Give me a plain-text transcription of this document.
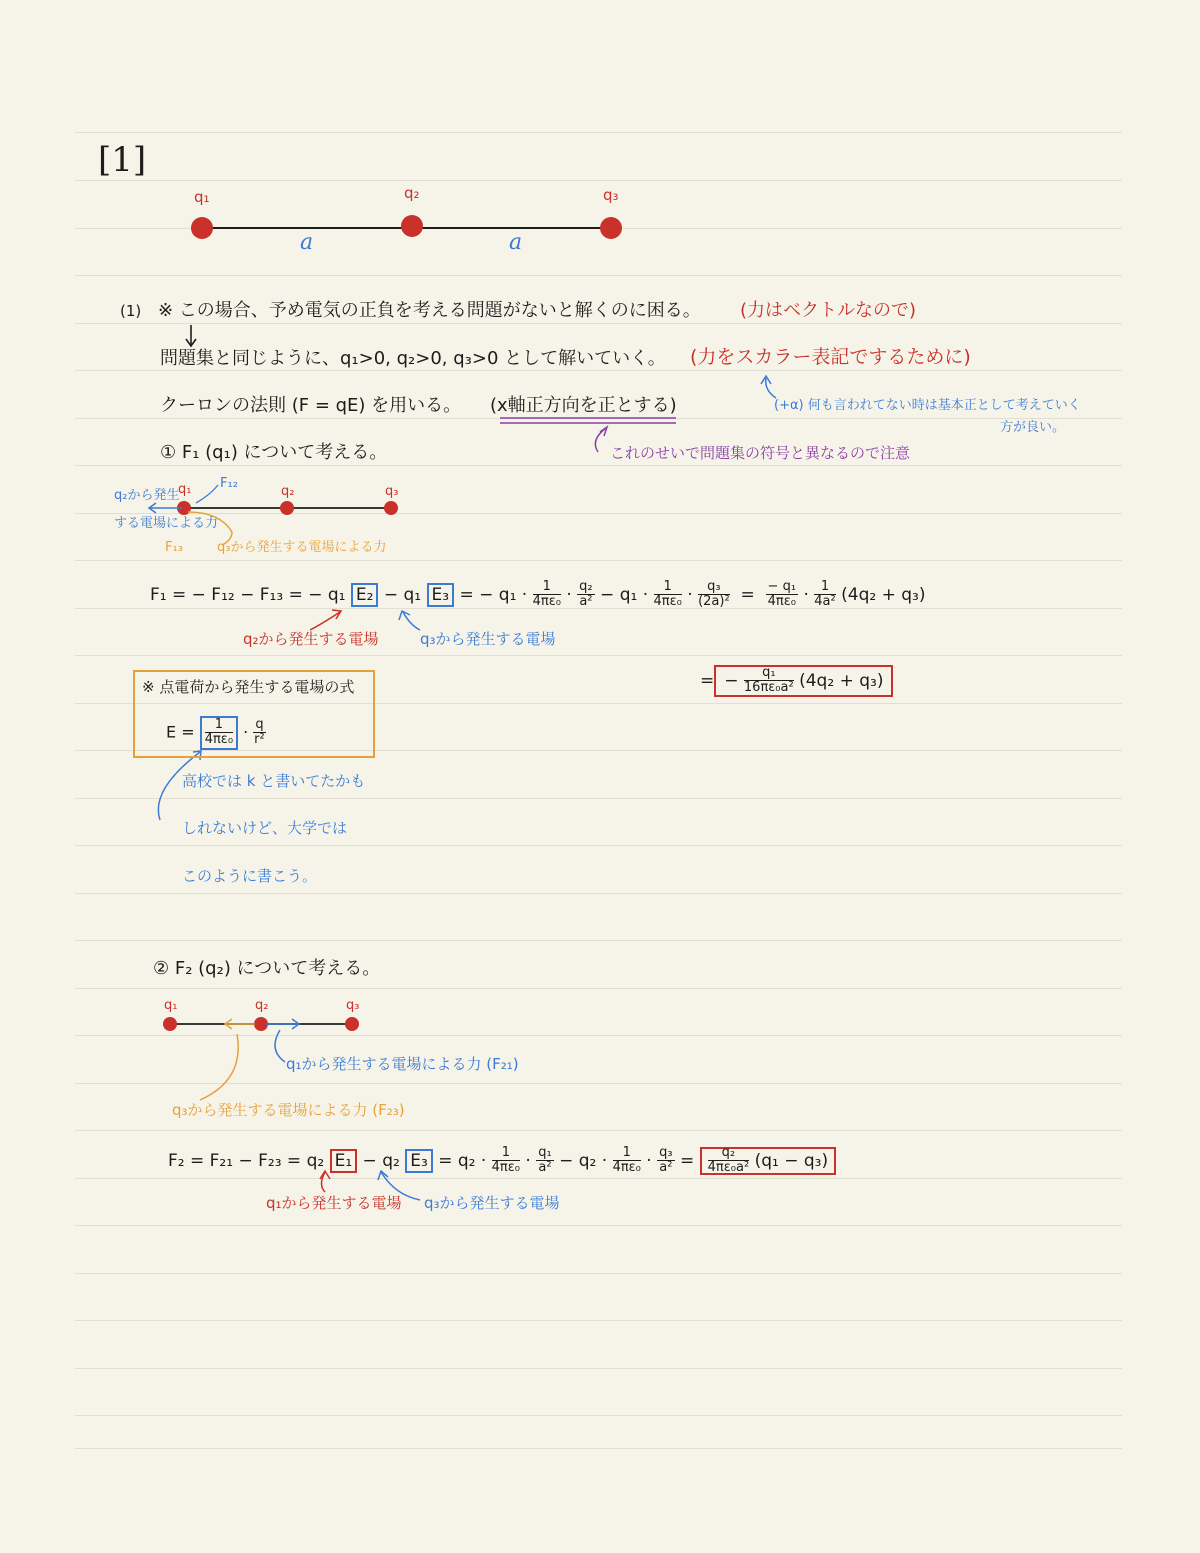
[1]
q₁	q₂	q₃
a	a
(1) ※ この場合、予め電気の正負を考える問題がないと解くのに困る。 (力はベクトルなので)
問題集と同じように、q₁>0, q₂>0, q₃>0 として解いていく。 (力をスカラー表記でするために)
クーロンの法則 (F = qE) を用いる。 (x軸正方向を正とする)	(+α) 何も言われてない時は基本正として考えていく
方が良い。
これのせいで問題集の符号と異なるので注意
① F₁ (q₁) について考える。
q₁	q₂	q₃
F₁₂
q₂から発生
する電場による力
F₁₃	q₃から発生する電場による力
F₁ = − F₁₂ − F₁₃ = − q₁ E₂ − q₁ E₃ = − $q_1 \cdot \frac{1}{\text{4πε₀}} \cdot \frac{\text{q₂}}{\text{a²}} - q_1 \cdot \frac{1}{\text{4πε₀}} \cdot \frac{\text{q₃}}{\text{(2a)²}} = \frac{\text{− q₁}}{\text{4πε₀}} \cdot \frac{1}{\text{4a²}} (4q_2 + q_3)$
q₂から発生する電場	q₃から発生する電場
= − $\frac{\text{q₁}}{\text{16πε₀a²}} (4q_2 + q_3)$
※ 点電荷から発生する電場の式
$E = \frac{1}{\text{4πε₀}} \cdot \frac{q}{\text{r²}}$
高校では k と書いてたかも
しれないけど、大学では
このように書こう。
② F₂ (q₂) について考える。
q₁	q₂	q₃
q₁から発生する電場による力 (F₂₁)
q₃から発生する電場による力 (F₂₃)
F₂ = F₂₁ − F₂₃ = q₂ E₁ − q₂ $E_3 = q_2 \cdot \frac{1}{\text{4πε₀}} \cdot \frac{\text{q₁}}{\text{a²}} - q_2 \cdot \frac{1}{\text{4πε₀}} \cdot \frac{\text{q₃}}{\text{a²}} = \frac{\text{q₂}}{\text{4πε₀a²}} (q_1 - q_3)$
q₁から発生する電場 q₃から発生する電場
